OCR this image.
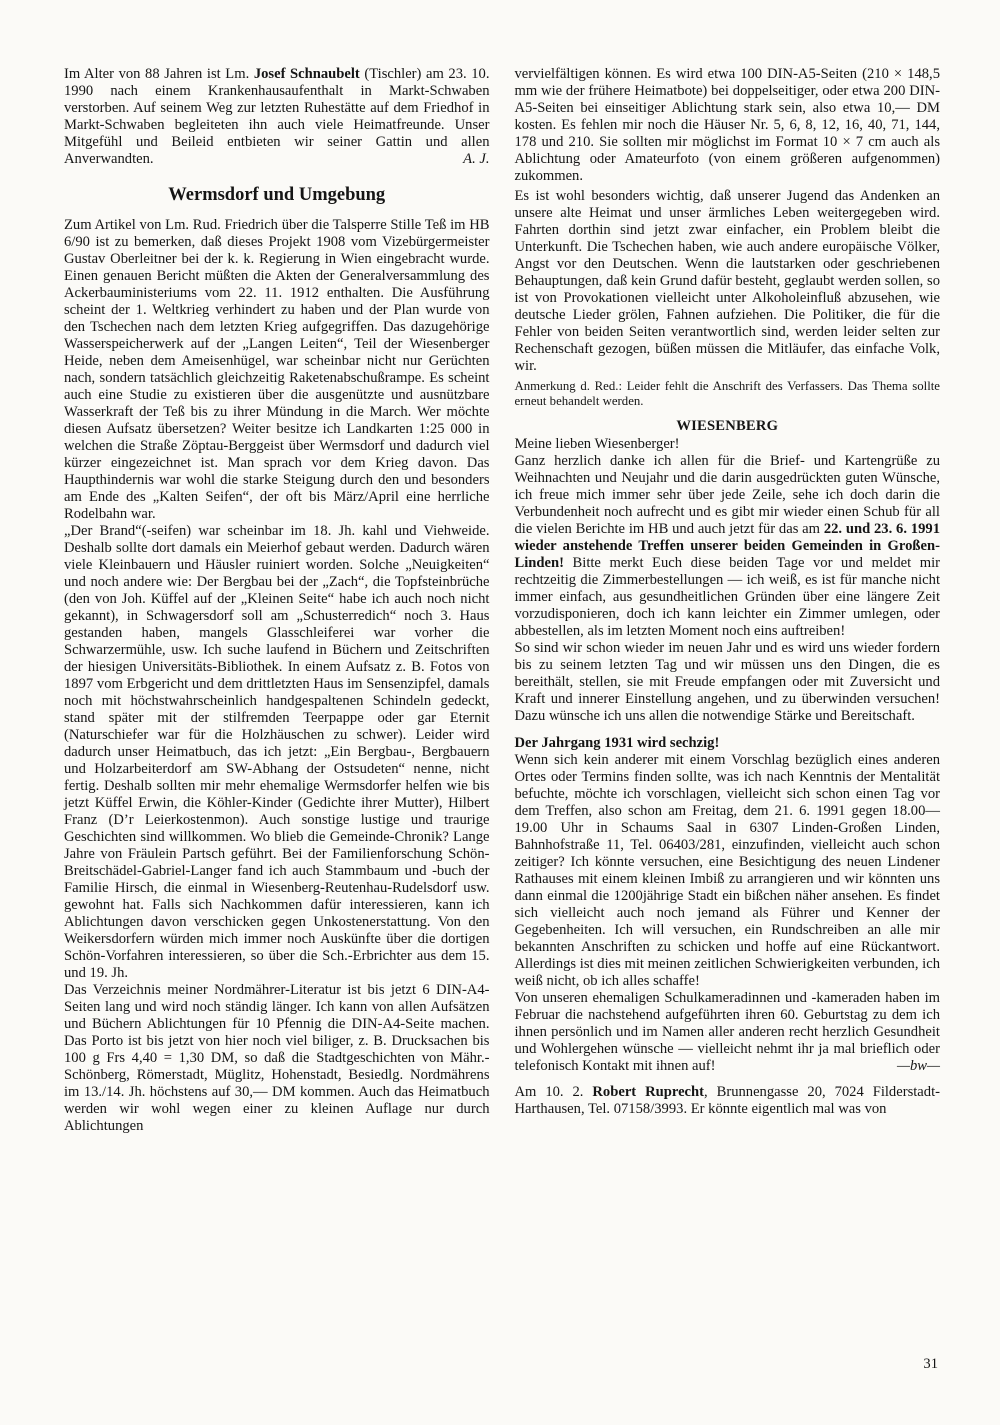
Im Alter von 88 Jahren ist Lm. Josef Schnaubelt (Tischler) am 23. 10. 1990 nach einem Krankenhausaufenthalt in Markt-Schwaben verstorben. Auf seinem Weg zur letzten Ruhestätte auf dem Friedhof in Markt-Schwaben begleiteten ihn auch viele Heimatfreunde. Unser Mitgefühl und Beileid entbieten wir seiner Gattin und allen Anverwandten.	A. J.

Wermsdorf und Umgebung

Zum Artikel von Lm. Rud. Friedrich über die Talsperre Stille Teß im HB 6/90 ist zu bemerken, daß dieses Projekt 1908 vom Vizebürgermeister Gustav Oberleitner bei der k. k. Regierung in Wien eingebracht wurde. Einen genauen Bericht müßten die Akten der Generalversammlung des Ackerbauministeriums vom 22. 11. 1912 enthalten. Die Ausführung scheint der 1. Weltkrieg verhindert zu haben und der Plan wurde von den Tschechen nach dem letzten Krieg aufgegriffen. Das dazugehörige Wasserspeicherwerk auf der „Langen Leiten“, Teil der Wiesenberger Heide, neben dem Ameisenhügel, war scheinbar nicht nur Gerüchten nach, sondern tatsächlich gleichzeitig Raketenabschußrampe. Es scheint auch eine Studie zu existieren über die ausgenützte und ausnützbare Wasserkraft der Teß bis zu ihrer Mündung in die March. Wer möchte diesen Aufsatz übersetzen? Weiter besitze ich Landkarten 1:25 000 in welchen die Straße Zöptau-Berggeist über Wermsdorf und dadurch viel kürzer eingezeichnet ist. Man sprach vor dem Krieg davon. Das Haupthindernis war wohl die starke Steigung durch den und besonders am Ende des „Kalten Seifen“, der oft bis März/April eine herrliche Rodelbahn war.

„Der Brand“(-seifen) war scheinbar im 18. Jh. kahl und Viehweide. Deshalb sollte dort damals ein Meierhof gebaut werden. Dadurch wären viele Kleinbauern und Häusler ruiniert worden. Solche „Neuigkeiten“ und noch andere wie: Der Bergbau bei der „Zach“, die Topfsteinbrüche (den von Joh. Küffel auf der „Kleinen Seite“ habe ich auch noch nicht gekannt), in Schwagersdorf soll am „Schusterredich“ noch 3. Haus gestanden haben, mangels Glasschleiferei war vorher die Schwarzermühle, usw. Ich suche laufend in Büchern und Zeitschriften der hiesigen Universitäts-Bibliothek. In einem Aufsatz z. B. Fotos von 1897 vom Erbgericht und dem drittletzten Haus im Sensenzipfel, damals noch mit höchstwahrscheinlich handgespaltenen Schindeln gedeckt, stand später mit der stilfremden Teerpappe oder gar Eternit (Naturschiefer war für die Holzhäuschen zu schwer). Leider wird dadurch unser Heimatbuch, das ich jetzt: „Ein Bergbau-, Bergbauern und Holzarbeiterdorf am SW-Abhang der Ostsudeten“ nenne, nicht fertig. Deshalb sollten mir mehr ehemalige Wermsdorfer helfen wie bis jetzt Küffel Erwin, die Köhler-Kinder (Gedichte ihrer Mutter), Hilbert Franz (D’r Leierkostenmon). Auch sonstige lustige und traurige Geschichten sind willkommen. Wo blieb die Gemeinde-Chronik? Lange Jahre von Fräulein Partsch geführt. Bei der Familienforschung Schön-Breitschädel-Gabriel-Langer fand ich auch Stammbaum und -buch der Familie Hirsch, die einmal in Wiesenberg-Reutenhau-Rudelsdorf usw. gewohnt hat. Falls sich Nachkommen dafür interessieren, kann ich Ablichtungen davon verschicken gegen Unkostenerstattung. Von den Weikersdorfern würden mich immer noch Auskünfte über die dortigen Schön-Vorfahren interessieren, so über die Sch.-Erbrichter aus dem 15. und 19. Jh.

Das Verzeichnis meiner Nordmährer-Literatur ist bis jetzt 6 DIN-A4-Seiten lang und wird noch ständig länger. Ich kann von allen Aufsätzen und Büchern Ablichtungen für 10 Pfennig die DIN-A4-Seite machen. Das Porto ist bis jetzt von hier noch viel biliger, z. B. Drucksachen bis 100 g Frs 4,40 = 1,30 DM, so daß die Stadtgeschichten von Mähr.-Schönberg, Römerstadt, Müglitz, Hohenstadt, Besiedlg. Nordmährens im 13./14. Jh. höchstens auf 30,— DM kommen. Auch das Heimatbuch werden wir wohl wegen einer zu kleinen Auflage nur durch Ablichtungen

vervielfältigen können. Es wird etwa 100 DIN-A5-Seiten (210 × 148,5 mm wie der frühere Heimatbote) bei doppelseitiger, oder etwa 200 DIN-A5-Seiten bei einseitiger Ablichtung stark sein, also etwa 10,— DM kosten. Es fehlen mir noch die Häuser Nr. 5, 6, 8, 12, 16, 40, 71, 144, 178 und 210. Sie sollten mir möglichst im Format 10 × 7 cm auch als Ablichtung oder Amateurfoto (von einem größeren aufgenommen) zukommen.

Es ist wohl besonders wichtig, daß unserer Jugend das Andenken an unsere alte Heimat und unser ärmliches Leben weitergegeben wird. Fahrten dorthin sind jetzt zwar einfacher, ein Problem bleibt die Unterkunft. Die Tschechen haben, wie auch andere europäische Völker, Angst vor den Deutschen. Wenn die lautstarken oder geschriebenen Behauptungen, daß kein Grund dafür besteht, geglaubt werden sollen, so ist von Provokationen vielleicht unter Alkoholeinfluß abzusehen, wie deutsche Lieder grölen, Fahnen aufziehen. Die Politiker, die für die Fehler von beiden Seiten verantwortlich sind, werden leider selten zur Rechenschaft gezogen, büßen müssen die Mitläufer, das einfache Volk, wir.

Anmerkung d. Red.: Leider fehlt die Anschrift des Verfassers. Das Thema sollte erneut behandelt werden.

WIESENBERG

Meine lieben Wiesenberger!

Ganz herzlich danke ich allen für die Brief- und Kartengrüße zu Weihnachten und Neujahr und die darin ausgedrückten guten Wünsche, ich freue mich immer sehr über jede Zeile, sehe ich doch darin die Verbundenheit noch aufrecht und es gibt mir wieder einen Schub für all die vielen Berichte im HB und auch jetzt für das am 22. und 23. 6. 1991 wieder anstehende Treffen unserer beiden Gemeinden in Großen-Linden! Bitte merkt Euch diese beiden Tage vor und meldet mir rechtzeitig die Zimmerbestellungen — ich weiß, es ist für manche nicht immer einfach, aus gesundheitlichen Gründen über eine längere Zeit vorzudisponieren, doch ich kann leichter ein Zimmer umlegen, oder abbestellen, als im letzten Moment noch eins auftreiben!

So sind wir schon wieder im neuen Jahr und es wird uns wieder fordern bis zu seinem letzten Tag und wir müssen uns den Dingen, die es bereithält, stellen, sie mit Freude empfangen oder mit Zuversicht und Kraft und innerer Einstellung angehen, und zu überwinden versuchen! Dazu wünsche ich uns allen die notwendige Stärke und Bereitschaft.

Der Jahrgang 1931 wird sechzig!

Wenn sich kein anderer mit einem Vorschlag bezüglich eines anderen Ortes oder Termins finden sollte, was ich nach Kenntnis der Mentalität befuchte, möchte ich vorschlagen, vielleicht sich schon einen Tag vor dem Treffen, also schon am Freitag, dem 21. 6. 1991 gegen 18.00—19.00 Uhr in Schaums Saal in 6307 Linden-Großen Linden, Bahnhofstraße 11, Tel. 06403/281, einzufinden, vielleicht auch schon zeitiger? Ich könnte versuchen, eine Besichtigung des neuen Lindener Rathauses mit einem kleinen Imbiß zu arrangieren und wir könnten uns dann einmal die 1200jährige Stadt ein bißchen näher ansehen. Es findet sich vielleicht auch noch jemand als Führer und Kenner der Gegebenheiten. Ich will versuchen, ein Rundschreiben an alle mir bekannten Anschriften zu schicken und hoffe auf eine Rückantwort. Allerdings ist dies mit meinen zeitlichen Schwierigkeiten verbunden, ich weiß nicht, ob ich alles schaffe!

Von unseren ehemaligen Schulkameradinnen und -kameraden haben im Februar die nachstehend aufgeführten ihren 60. Geburtstag zu dem ich ihnen persönlich und im Namen aller anderen recht herzlich Gesundheit und Wohlergehen wünsche — vielleicht nehmt ihr ja mal brieflich oder telefonisch Kontakt mit ihnen auf!	—bw—

Am 10. 2. Robert Ruprecht, Brunnengasse 20, 7024 Filderstadt-Harthausen, Tel. 07158/3993. Er könnte eigentlich mal was von

31
